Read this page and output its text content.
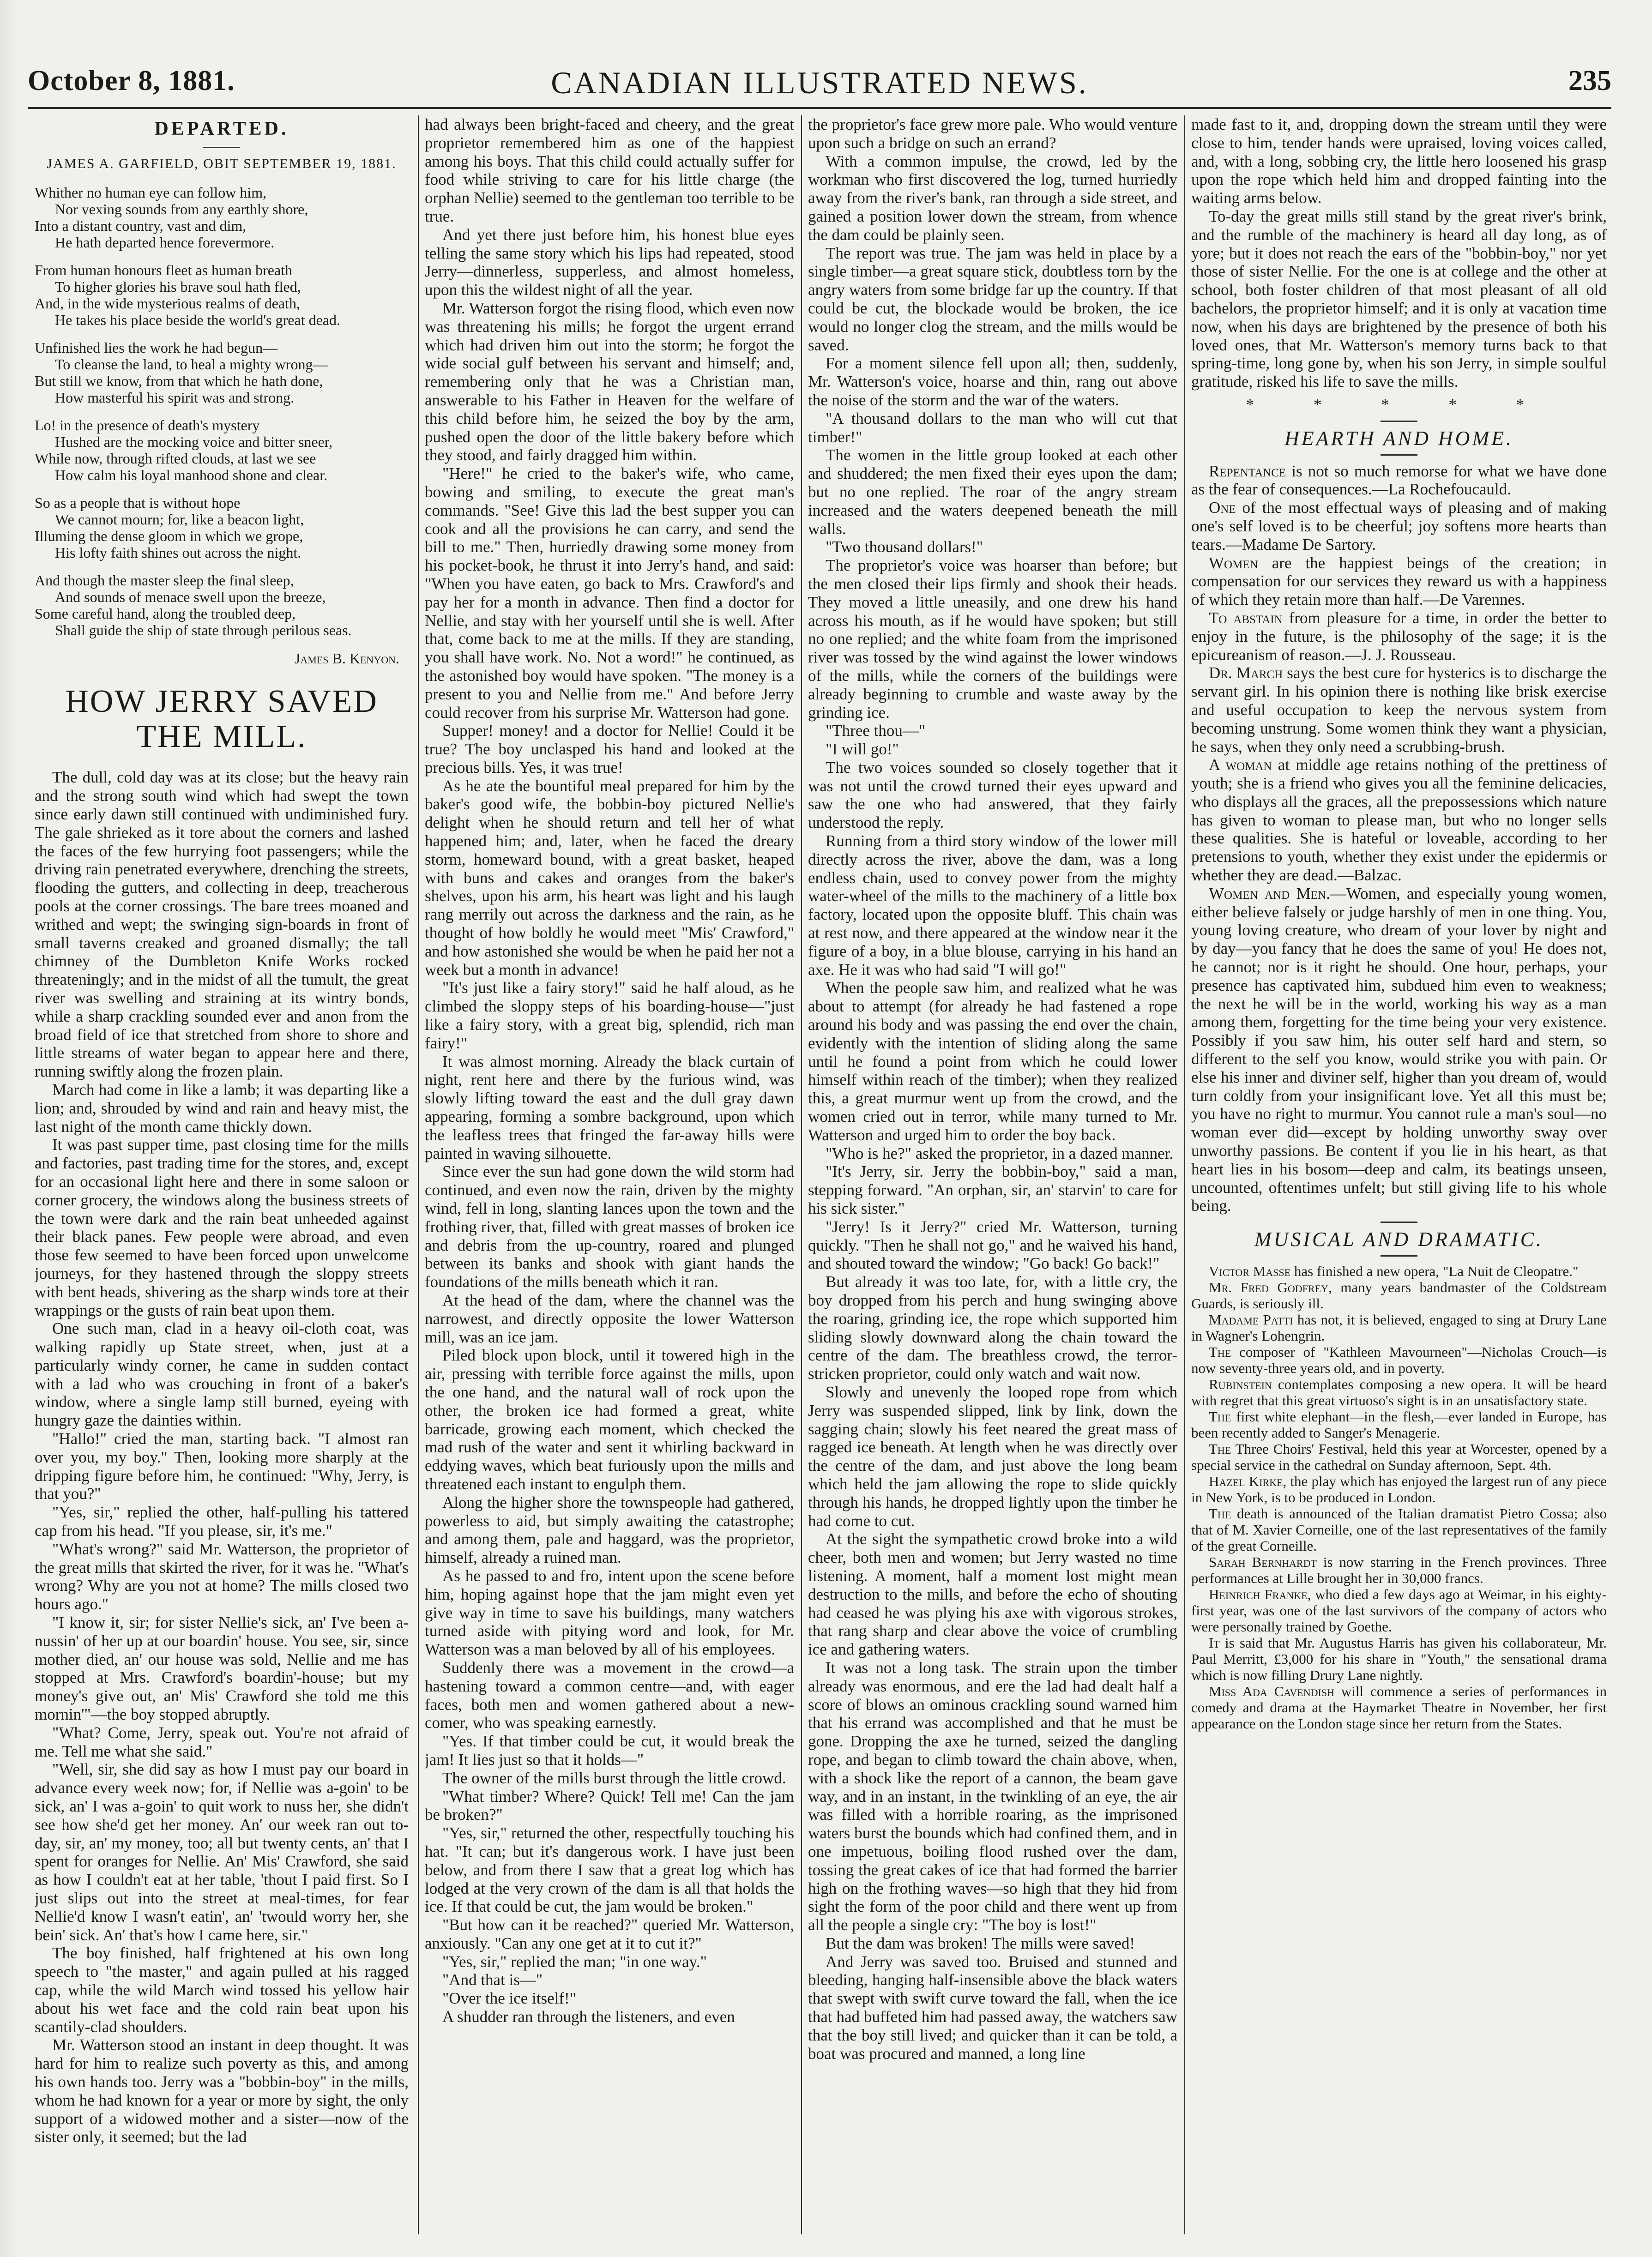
October 8, 1881.	CANADIAN ILLUSTRATED NEWS.	235
DEPARTED.
JAMES A. GARFIELD, OBIT SEPTEMBER 19, 1881.
Whither no human eye can follow him,
Nor vexing sounds from any earthly shore,
Into a distant country, vast and dim,
He hath departed hence forevermore.
From human honours fleet as human breath
To higher glories his brave soul hath fled,
And, in the wide mysterious realms of death,
He takes his place beside the world's great dead.
Unfinished lies the work he had begun—
To cleanse the land, to heal a mighty wrong—
But still we know, from that which he hath done,
How masterful his spirit was and strong.
Lo! in the presence of death's mystery
Hushed are the mocking voice and bitter sneer,
While now, through rifted clouds, at last we see
How calm his loyal manhood shone and clear.
So as a people that is without hope
We cannot mourn; for, like a beacon light,
Illuming the dense gloom in which we grope,
His lofty faith shines out across the night.
And though the master sleep the final sleep,
And sounds of menace swell upon the breeze,
Some careful hand, along the troubled deep,
Shall guide the ship of state through perilous seas.
James B. Kenyon.
HOW JERRY SAVED THE MILL.

The dull, cold day was at its close; but the heavy rain and the strong south wind which had swept the town since early dawn still continued with undiminished fury. The gale shrieked as it tore about the corners and lashed the faces of the few hurrying foot passengers; while the driving rain penetrated everywhere, drenching the streets, flooding the gutters, and collecting in deep, treacherous pools at the corner crossings. The bare trees moaned and writhed and wept; the swinging sign-boards in front of small taverns creaked and groaned dismally; the tall chimney of the Dumbleton Knife Works rocked threateningly; and in the midst of all the tumult, the great river was swelling and straining at its wintry bonds, while a sharp crackling sounded ever and anon from the broad field of ice that stretched from shore to shore and little streams of water began to appear here and there, running swiftly along the frozen plain.

March had come in like a lamb; it was departing like a lion; and, shrouded by wind and rain and heavy mist, the last night of the month came thickly down.

It was past supper time, past closing time for the mills and factories, past trading time for the stores, and, except for an occasional light here and there in some saloon or corner grocery, the windows along the business streets of the town were dark and the rain beat unheeded against their black panes. Few people were abroad, and even those few seemed to have been forced upon unwelcome journeys, for they hastened through the sloppy streets with bent heads, shivering as the sharp winds tore at their wrappings or the gusts of rain beat upon them.

One such man, clad in a heavy oil-cloth coat, was walking rapidly up State street, when, just at a particularly windy corner, he came in sudden contact with a lad who was crouching in front of a baker's window, where a single lamp still burned, eyeing with hungry gaze the dainties within.

"Hallo!" cried the man, starting back. "I almost ran over you, my boy." Then, looking more sharply at the dripping figure before him, he continued: "Why, Jerry, is that you?"

"Yes, sir," replied the other, half-pulling his tattered cap from his head. "If you please, sir, it's me."

"What's wrong?" said Mr. Watterson, the proprietor of the great mills that skirted the river, for it was he. "What's wrong? Why are you not at home? The mills closed two hours ago."

"I know it, sir; for sister Nellie's sick, an' I've been a-nussin' of her up at our boardin' house. You see, sir, since mother died, an' our house was sold, Nellie and me has stopped at Mrs. Crawford's boardin'-house; but my money's give out, an' Mis' Crawford she told me this mornin'"—the boy stopped abruptly.

"What? Come, Jerry, speak out. You're not afraid of me. Tell me what she said."

"Well, sir, she did say as how I must pay our board in advance every week now; for, if Nellie was a-goin' to be sick, an' I was a-goin' to quit work to nuss her, she didn't see how she'd get her money. An' our week ran out to-day, sir, an' my money, too; all but twenty cents, an' that I spent for oranges for Nellie. An' Mis' Crawford, she said as how I couldn't eat at her table, 'thout I paid first. So I just slips out into the street at meal-times, for fear Nellie'd know I wasn't eatin', an' 'twould worry her, she bein' sick. An' that's how I came here, sir."

The boy finished, half frightened at his own long speech to "the master," and again pulled at his ragged cap, while the wild March wind tossed his yellow hair about his wet face and the cold rain beat upon his scantily-clad shoulders.

Mr. Watterson stood an instant in deep thought. It was hard for him to realize such poverty as this, and among his own hands too. Jerry was a "bobbin-boy" in the mills, whom he had known for a year or more by sight, the only support of a widowed mother and a sister—now of the sister only, it seemed; but the lad

had always been bright-faced and cheery, and the great proprietor remembered him as one of the happiest among his boys. That this child could actually suffer for food while striving to care for his little charge (the orphan Nellie) seemed to the gentleman too terrible to be true.

And yet there just before him, his honest blue eyes telling the same story which his lips had repeated, stood Jerry—dinnerless, supperless, and almost homeless, upon this the wildest night of all the year.

Mr. Watterson forgot the rising flood, which even now was threatening his mills; he forgot the urgent errand which had driven him out into the storm; he forgot the wide social gulf between his servant and himself; and, remembering only that he was a Christian man, answerable to his Father in Heaven for the welfare of this child before him, he seized the boy by the arm, pushed open the door of the little bakery before which they stood, and fairly dragged him within.

"Here!" he cried to the baker's wife, who came, bowing and smiling, to execute the great man's commands. "See! Give this lad the best supper you can cook and all the provisions he can carry, and send the bill to me." Then, hurriedly drawing some money from his pocket-book, he thrust it into Jerry's hand, and said: "When you have eaten, go back to Mrs. Crawford's and pay her for a month in advance. Then find a doctor for Nellie, and stay with her yourself until she is well. After that, come back to me at the mills. If they are standing, you shall have work. No. Not a word!" he continued, as the astonished boy would have spoken. "The money is a present to you and Nellie from me." And before Jerry could recover from his surprise Mr. Watterson had gone.

Supper! money! and a doctor for Nellie! Could it be true? The boy unclasped his hand and looked at the precious bills. Yes, it was true!

As he ate the bountiful meal prepared for him by the baker's good wife, the bobbin-boy pictured Nellie's delight when he should return and tell her of what happened him; and, later, when he faced the dreary storm, homeward bound, with a great basket, heaped with buns and cakes and oranges from the baker's shelves, upon his arm, his heart was light and his laugh rang merrily out across the darkness and the rain, as he thought of how boldly he would meet "Mis' Crawford," and how astonished she would be when he paid her not a week but a month in advance!

"It's just like a fairy story!" said he half aloud, as he climbed the sloppy steps of his boarding-house—"just like a fairy story, with a great big, splendid, rich man fairy!"

It was almost morning. Already the black curtain of night, rent here and there by the furious wind, was slowly lifting toward the east and the dull gray dawn appearing, forming a sombre background, upon which the leafless trees that fringed the far-away hills were painted in waving silhouette.

Since ever the sun had gone down the wild storm had continued, and even now the rain, driven by the mighty wind, fell in long, slanting lances upon the town and the frothing river, that, filled with great masses of broken ice and debris from the up-country, roared and plunged between its banks and shook with giant hands the foundations of the mills beneath which it ran.

At the head of the dam, where the channel was the narrowest, and directly opposite the lower Watterson mill, was an ice jam.

Piled block upon block, until it towered high in the air, pressing with terrible force against the mills, upon the one hand, and the natural wall of rock upon the other, the broken ice had formed a great, white barricade, growing each moment, which checked the mad rush of the water and sent it whirling backward in eddying waves, which beat furiously upon the mills and threatened each instant to engulph them.

Along the higher shore the townspeople had gathered, powerless to aid, but simply awaiting the catastrophe; and among them, pale and haggard, was the proprietor, himself, already a ruined man.

As he passed to and fro, intent upon the scene before him, hoping against hope that the jam might even yet give way in time to save his buildings, many watchers turned aside with pitying word and look, for Mr. Watterson was a man beloved by all of his employees.

Suddenly there was a movement in the crowd—a hastening toward a common centre—and, with eager faces, both men and women gathered about a new-comer, who was speaking earnestly.

"Yes. If that timber could be cut, it would break the jam! It lies just so that it holds—"

The owner of the mills burst through the little crowd.

"What timber? Where? Quick! Tell me! Can the jam be broken?"

"Yes, sir," returned the other, respectfully touching his hat. "It can; but it's dangerous work. I have just been below, and from there I saw that a great log which has lodged at the very crown of the dam is all that holds the ice. If that could be cut, the jam would be broken."

"But how can it be reached?" queried Mr. Watterson, anxiously. "Can any one get at it to cut it?"

"Yes, sir," replied the man; "in one way."

"And that is—"

"Over the ice itself!"

A shudder ran through the listeners, and even

the proprietor's face grew more pale. Who would venture upon such a bridge on such an errand?

With a common impulse, the crowd, led by the workman who first discovered the log, turned hurriedly away from the river's bank, ran through a side street, and gained a position lower down the stream, from whence the dam could be plainly seen.

The report was true. The jam was held in place by a single timber—a great square stick, doubtless torn by the angry waters from some bridge far up the country. If that could be cut, the blockade would be broken, the ice would no longer clog the stream, and the mills would be saved.

For a moment silence fell upon all; then, suddenly, Mr. Watterson's voice, hoarse and thin, rang out above the noise of the storm and the war of the waters.

"A thousand dollars to the man who will cut that timber!"

The women in the little group looked at each other and shuddered; the men fixed their eyes upon the dam; but no one replied. The roar of the angry stream increased and the waters deepened beneath the mill walls.

"Two thousand dollars!"

The proprietor's voice was hoarser than before; but the men closed their lips firmly and shook their heads. They moved a little uneasily, and one drew his hand across his mouth, as if he would have spoken; but still no one replied; and the white foam from the imprisoned river was tossed by the wind against the lower windows of the mills, while the corners of the buildings were already beginning to crumble and waste away by the grinding ice.

"Three thou—"

"I will go!"

The two voices sounded so closely together that it was not until the crowd turned their eyes upward and saw the one who had answered, that they fairly understood the reply.

Running from a third story window of the lower mill directly across the river, above the dam, was a long endless chain, used to convey power from the mighty water-wheel of the mills to the machinery of a little box factory, located upon the opposite bluff. This chain was at rest now, and there appeared at the window near it the figure of a boy, in a blue blouse, carrying in his hand an axe. He it was who had said "I will go!"

When the people saw him, and realized what he was about to attempt (for already he had fastened a rope around his body and was passing the end over the chain, evidently with the intention of sliding along the same until he found a point from which he could lower himself within reach of the timber); when they realized this, a great murmur went up from the crowd, and the women cried out in terror, while many turned to Mr. Watterson and urged him to order the boy back.

"Who is he?" asked the proprietor, in a dazed manner.

"It's Jerry, sir. Jerry the bobbin-boy," said a man, stepping forward. "An orphan, sir, an' starvin' to care for his sick sister."

"Jerry! Is it Jerry?" cried Mr. Watterson, turning quickly. "Then he shall not go," and he waived his hand, and shouted toward the window; "Go back! Go back!"

But already it was too late, for, with a little cry, the boy dropped from his perch and hung swinging above the roaring, grinding ice, the rope which supported him sliding slowly downward along the chain toward the centre of the dam. The breathless crowd, the terror-stricken proprietor, could only watch and wait now.

Slowly and unevenly the looped rope from which Jerry was suspended slipped, link by link, down the sagging chain; slowly his feet neared the great mass of ragged ice beneath. At length when he was directly over the centre of the dam, and just above the long beam which held the jam allowing the rope to slide quickly through his hands, he dropped lightly upon the timber he had come to cut.

At the sight the sympathetic crowd broke into a wild cheer, both men and women; but Jerry wasted no time listening. A moment, half a moment lost might mean destruction to the mills, and before the echo of shouting had ceased he was plying his axe with vigorous strokes, that rang sharp and clear above the voice of crumbling ice and gathering waters.

It was not a long task. The strain upon the timber already was enormous, and ere the lad had dealt half a score of blows an ominous crackling sound warned him that his errand was accomplished and that he must be gone. Dropping the axe he turned, seized the dangling rope, and began to climb toward the chain above, when, with a shock like the report of a cannon, the beam gave way, and in an instant, in the twinkling of an eye, the air was filled with a horrible roaring, as the imprisoned waters burst the bounds which had confined them, and in one impetuous, boiling flood rushed over the dam, tossing the great cakes of ice that had formed the barrier high on the frothing waves—so high that they hid from sight the form of the poor child and there went up from all the people a single cry: "The boy is lost!"

But the dam was broken! The mills were saved!

And Jerry was saved too. Bruised and stunned and bleeding, hanging half-insensible above the black waters that swept with swift curve toward the fall, when the ice that had buffeted him had passed away, the watchers saw that the boy still lived; and quicker than it can be told, a boat was procured and manned, a long line

made fast to it, and, dropping down the stream until they were close to him, tender hands were upraised, loving voices called, and, with a long, sobbing cry, the little hero loosened his grasp upon the rope which held him and dropped fainting into the waiting arms below.

To-day the great mills still stand by the great river's brink, and the rumble of the machinery is heard all day long, as of yore; but it does not reach the ears of the "bobbin-boy," nor yet those of sister Nellie. For the one is at college and the other at school, both foster children of that most pleasant of all old bachelors, the proprietor himself; and it is only at vacation time now, when his days are brightened by the presence of both his loved ones, that Mr. Watterson's memory turns back to that spring-time, long gone by, when his son Jerry, in simple soulful gratitude, risked his life to save the mills.

* * * * *
HEARTH AND HOME.

Repentance is not so much remorse for what we have done as the fear of consequences.—La Rochefoucauld.

One of the most effectual ways of pleasing and of making one's self loved is to be cheerful; joy softens more hearts than tears.—Madame De Sartory.

Women are the happiest beings of the creation; in compensation for our services they reward us with a happiness of which they retain more than half.—De Varennes.

To abstain from pleasure for a time, in order the better to enjoy in the future, is the philosophy of the sage; it is the epicureanism of reason.—J. J. Rousseau.

Dr. March says the best cure for hysterics is to discharge the servant girl. In his opinion there is nothing like brisk exercise and useful occupation to keep the nervous system from becoming unstrung. Some women think they want a physician, he says, when they only need a scrubbing-brush.

A woman at middle age retains nothing of the prettiness of youth; she is a friend who gives you all the feminine delicacies, who displays all the graces, all the prepossessions which nature has given to woman to please man, but who no longer sells these qualities. She is hateful or loveable, according to her pretensions to youth, whether they exist under the epidermis or whether they are dead.—Balzac.

Women and Men.—Women, and especially young women, either believe falsely or judge harshly of men in one thing. You, young loving creature, who dream of your lover by night and by day—you fancy that he does the same of you! He does not, he cannot; nor is it right he should. One hour, perhaps, your presence has captivated him, subdued him even to weakness; the next he will be in the world, working his way as a man among them, forgetting for the time being your very existence. Possibly if you saw him, his outer self hard and stern, so different to the self you know, would strike you with pain. Or else his inner and diviner self, higher than you dream of, would turn coldly from your insignificant love. Yet all this must be; you have no right to murmur. You cannot rule a man's soul—no woman ever did—except by holding unworthy sway over unworthy passions. Be content if you lie in his heart, as that heart lies in his bosom—deep and calm, its beatings unseen, uncounted, oftentimes unfelt; but still giving life to his whole being.

MUSICAL AND DRAMATIC.

Victor Masse has finished a new opera, "La Nuit de Cleopatre."

Mr. Fred Godfrey, many years bandmaster of the Coldstream Guards, is seriously ill.

Madame Patti has not, it is believed, engaged to sing at Drury Lane in Wagner's Lohengrin.

The composer of "Kathleen Mavourneen"—Nicholas Crouch—is now seventy-three years old, and in poverty.

Rubinstein contemplates composing a new opera. It will be heard with regret that this great virtuoso's sight is in an unsatisfactory state.

The first white elephant—in the flesh,—ever landed in Europe, has been recently added to Sanger's Menagerie.

The Three Choirs' Festival, held this year at Worcester, opened by a special service in the cathedral on Sunday afternoon, Sept. 4th.

Hazel Kirke, the play which has enjoyed the largest run of any piece in New York, is to be produced in London.

The death is announced of the Italian dramatist Pietro Cossa; also that of M. Xavier Corneille, one of the last representatives of the family of the great Corneille.

Sarah Bernhardt is now starring in the French provinces. Three performances at Lille brought her in 30,000 francs.

Heinrich Franke, who died a few days ago at Weimar, in his eighty-first year, was one of the last survivors of the company of actors who were personally trained by Goethe.

It is said that Mr. Augustus Harris has given his collaborateur, Mr. Paul Merritt, £3,000 for his share in "Youth," the sensational drama which is now filling Drury Lane nightly.

Miss Ada Cavendish will commence a series of performances in comedy and drama at the Haymarket Theatre in November, her first appearance on the London stage since her return from the States.
